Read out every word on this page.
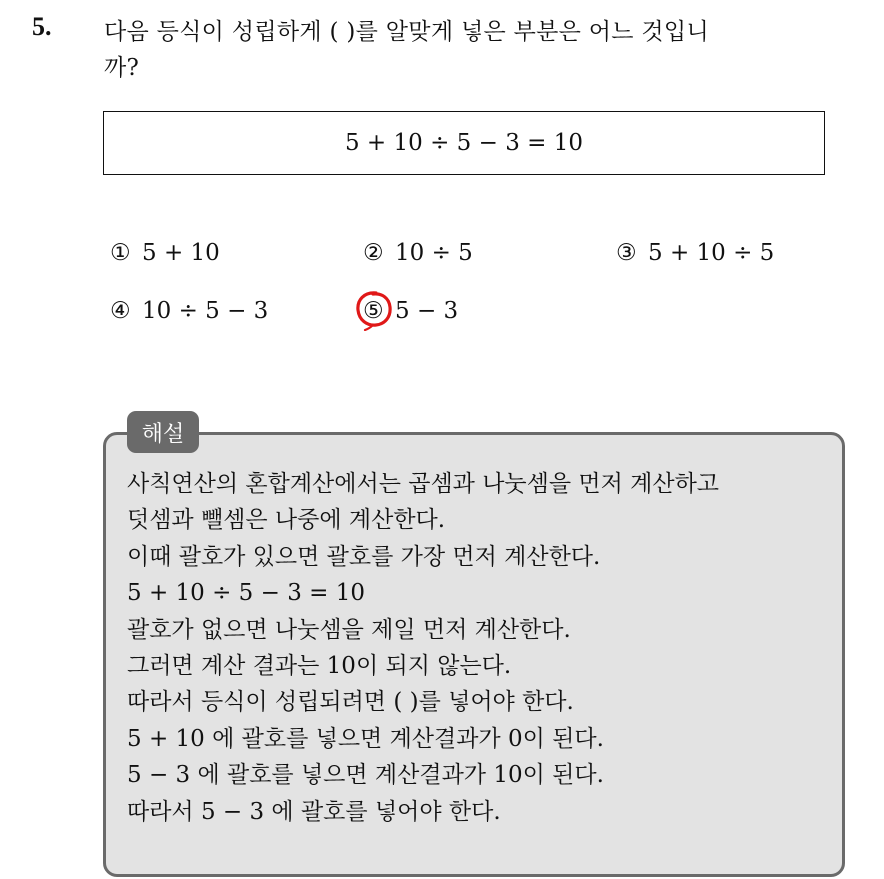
5. 다음 등식이 성립하게 ( )를 알맞게 넣은 부분은 어느 것입니
까?
5 + 10 ÷ 5 − 3 = 10
① 5 + 10	② 10 ÷ 5	③ 5 + 10 ÷ 5
④ 10 ÷ 5 − 3	⑤ 5 − 3
해설
사칙연산의 혼합계산에서는 곱셈과 나눗셈을 먼저 계산하고
덧셈과 뺄셈은 나중에 계산한다.
이때 괄호가 있으면 괄호를 가장 먼저 계산한다.
5 + 10 ÷ 5 − 3 = 10
괄호가 없으면 나눗셈을 제일 먼저 계산한다.
그러면 계산 결과는 10이 되지 않는다.
따라서 등식이 성립되려면 ( )를 넣어야 한다.
5 + 10 에 괄호를 넣으면 계산결과가 0이 된다.
5 − 3 에 괄호를 넣으면 계산결과가 10이 된다.
따라서 5 − 3 에 괄호를 넣어야 한다.
